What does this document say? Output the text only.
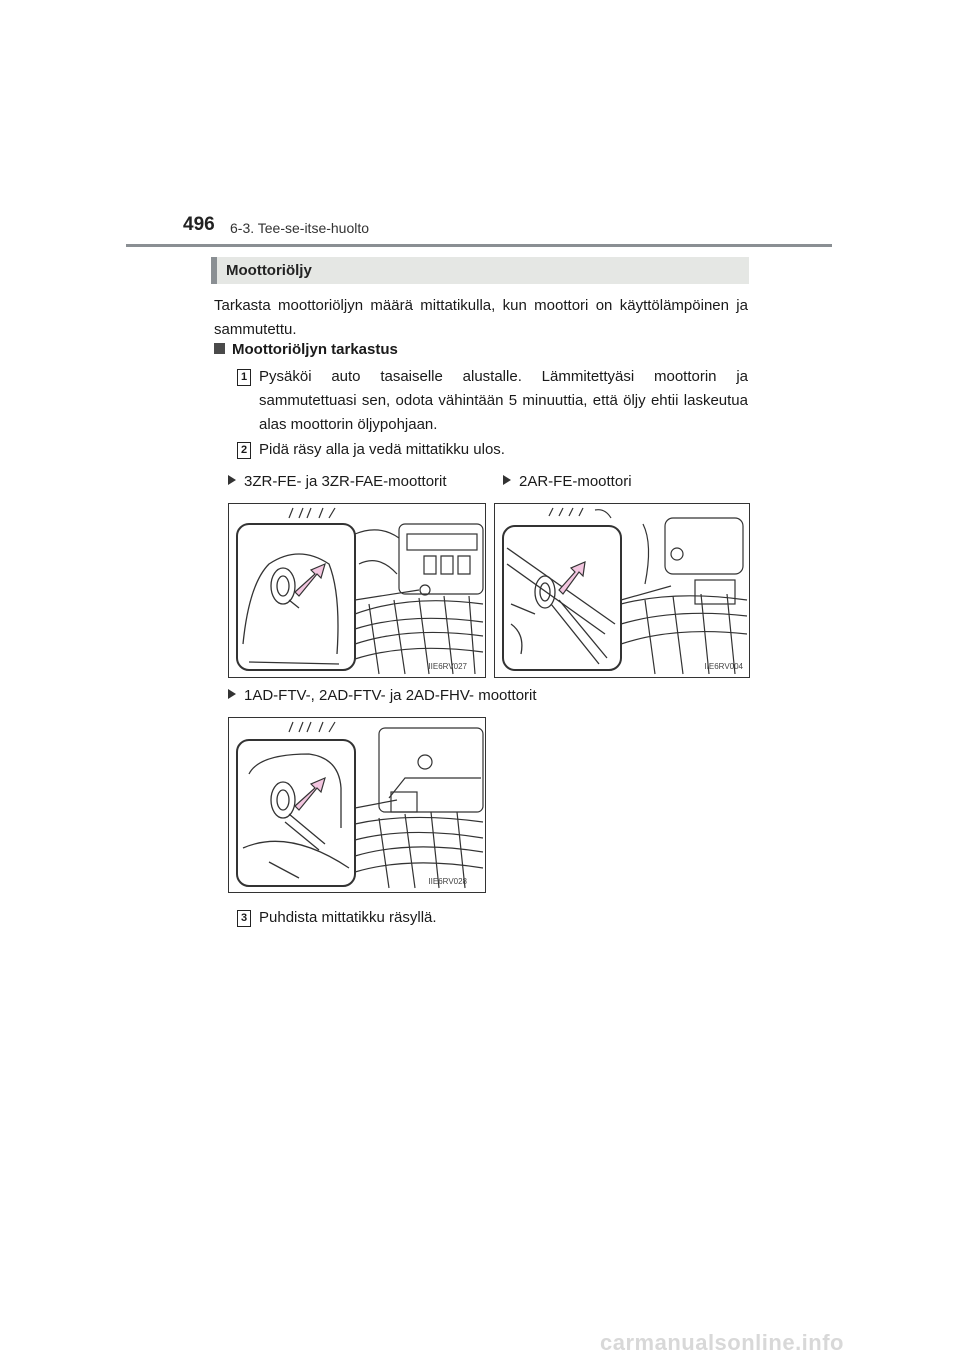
496 6-3. Tee-se-itse-huolto
Moottoriöljy
Tarkasta moottoriöljyn määrä mittatikulla, kun moottori on käyttölämpöinen ja sammutettu.
Moottoriöljyn tarkastus
1 Pysäköi auto tasaiselle alustalle. Lämmitettyäsi moottorin ja sammutettuasi sen, odota vähintään 5 minuuttia, että öljy ehtii laskeutua alas moottorin öljypohjaan.
2 Pidä räsy alla ja vedä mittatikku ulos.
3ZR-FE- ja 3ZR-FAE-moottorit	2AR-FE-moottori
IIE6RV027	IIE6RV004
1AD-FTV-, 2AD-FTV- ja 2AD-FHV- moottorit
IIE6RV028
3 Puhdista mittatikku räsyllä.
carmanualsonline.info
